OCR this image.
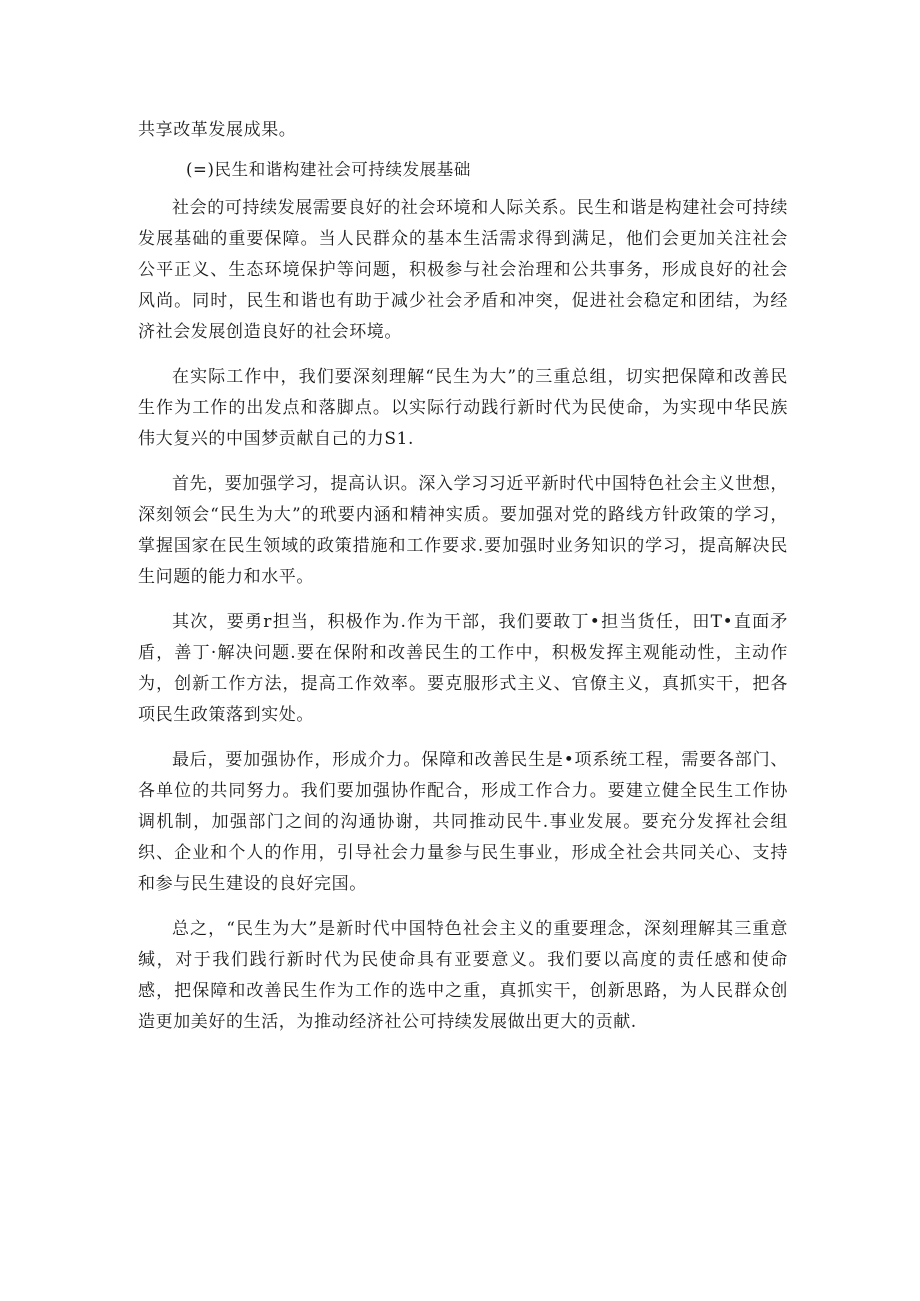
共享改革发展成果。

(=)民生和谐构建社会可持续发展基础

社会的可持续发展需要良好的社会环境和人际关系。民生和谐是构建社会可持续发展基础的重要保障。当人民群众的基本生活需求得到满足，他们会更加关注社会公平正义、生态环境保护等问题，积极参与社会治理和公共事务，形成良好的社会风尚。同时，民生和谐也有助于减少社会矛盾和冲突，促进社会稳定和团结，为经济社会发展创造良好的社会环境。

在实际工作中，我们要深刻理解“民生为大”的三重总组，切实把保障和改善民生作为工作的出发点和落脚点。以实际行动践行新时代为民使命，为实现中华民族伟大复兴的中国梦贡献自己的力S1.

首先，要加强学习，提高认识。深入学习习近平新时代中国特色社会主义世想，深刻领会“民生为大”的玳要内涵和精神实质。要加强对党的路线方针政策的学习，掌握国家在民生领域的政策措施和工作要求.要加强时业务知识的学习，提高解决民生问题的能力和水平。

其次，要勇r担当，积极作为.作为干部，我们要敢丁•担当货任，田T•直面矛盾，善丁·解决问题.要在保附和改善民生的工作中，积极发挥主观能动性，主动作为，创新工作方法，提高工作效率。要克服形式主义、官僚主义，真抓实干，把各项民生政策落到实处。

最后，要加强协作，形成介力。保障和改善民生是•项系统工程，需要各部门、各单位的共同努力。我们要加强协作配合，形成工作合力。要建立健全民生工作协调机制，加强部门之间的沟通协谢，共同推动民牛.事业发展。要充分发挥社会组织、企业和个人的作用，引导社会力量参与民生事业，形成全社会共同关心、支持和参与民生建设的良好完国。

总之，“民生为大”是新时代中国特色社会主义的重要理念，深刻理解其三重意缄，对于我们践行新时代为民使命具有亚要意义。我们要以高度的责任感和使命感，把保障和改善民生作为工作的选中之重，真抓实干，创新思路，为人民群众创造更加美好的生活，为推动经济社公可持续发展做出更大的贡献.
